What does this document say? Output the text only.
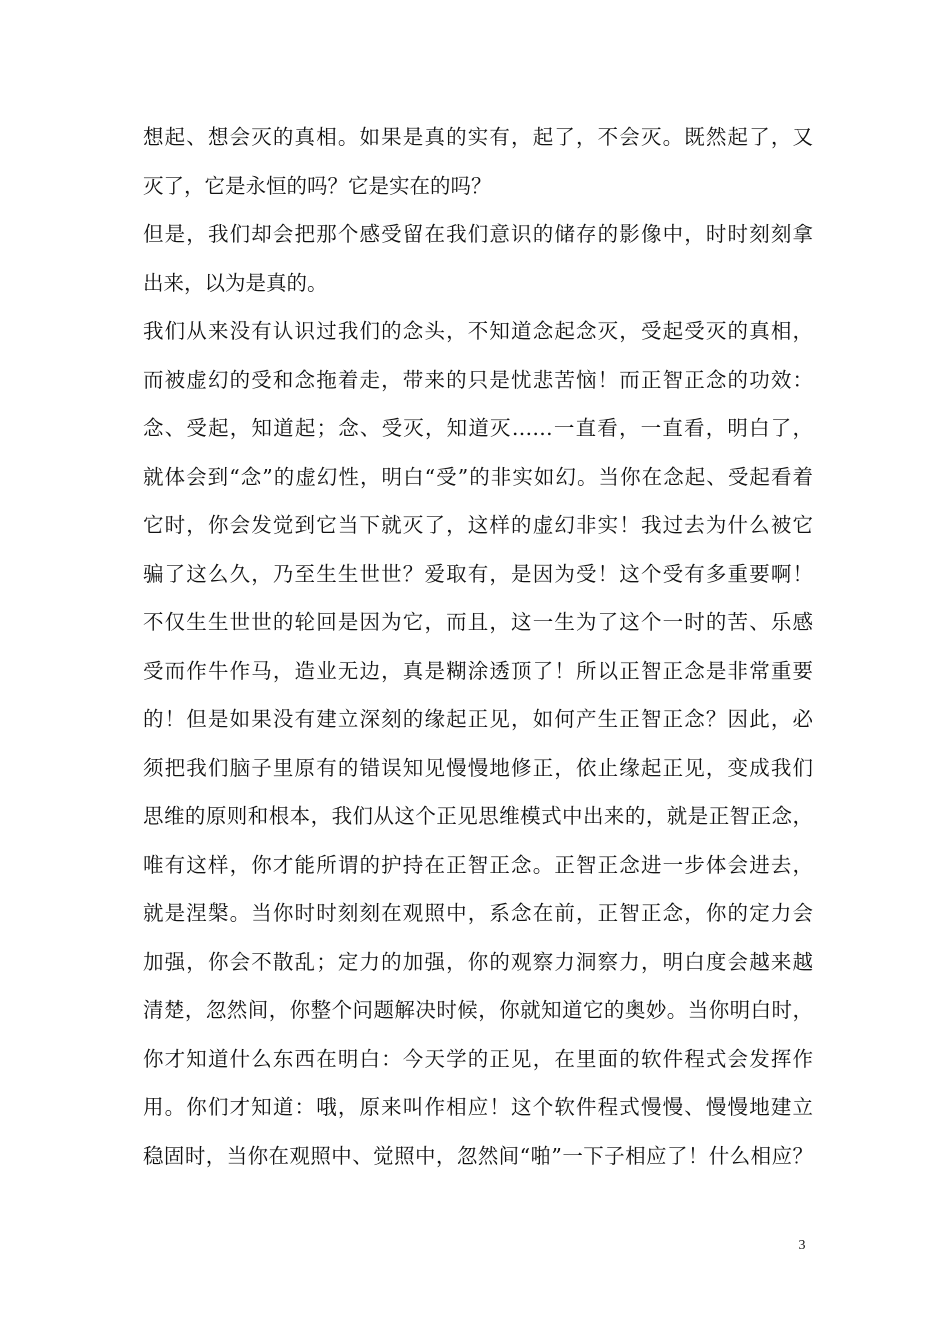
想起、想会灭的真相。如果是真的实有，起了，不会灭。既然起了，又
灭了，它是永恒的吗？它是实在的吗？
但是，我们却会把那个感受留在我们意识的储存的影像中，时时刻刻拿
出来，以为是真的。
我们从来没有认识过我们的念头，不知道念起念灭，受起受灭的真相，
而被虚幻的受和念拖着走，带来的只是忧悲苦恼！而正智正念的功效：
念、受起，知道起；念、受灭，知道灭……一直看，一直看，明白了，
就体会到“念”的虚幻性，明白“受”的非实如幻。当你在念起、受起看着
它时，你会发觉到它当下就灭了，这样的虚幻非实！我过去为什么被它
骗了这么久，乃至生生世世？爱取有，是因为受！这个受有多重要啊！
不仅生生世世的轮回是因为它，而且，这一生为了这个一时的苦、乐感
受而作牛作马，造业无边，真是糊涂透顶了！所以正智正念是非常重要
的！但是如果没有建立深刻的缘起正见，如何产生正智正念？因此，必
须把我们脑子里原有的错误知见慢慢地修正，依止缘起正见，变成我们
思维的原则和根本，我们从这个正见思维模式中出来的，就是正智正念，
唯有这样，你才能所谓的护持在正智正念。正智正念进一步体会进去，
就是涅槃。当你时时刻刻在观照中，系念在前，正智正念，你的定力会
加强，你会不散乱；定力的加强，你的观察力洞察力，明白度会越来越
清楚，忽然间，你整个问题解决时候，你就知道它的奥妙。当你明白时，
你才知道什么东西在明白：今天学的正见，在里面的软件程式会发挥作
用。你们才知道：哦，原来叫作相应！这个软件程式慢慢、慢慢地建立
稳固时，当你在观照中、觉照中，忽然间“啪”一下子相应了！什么相应？
3
